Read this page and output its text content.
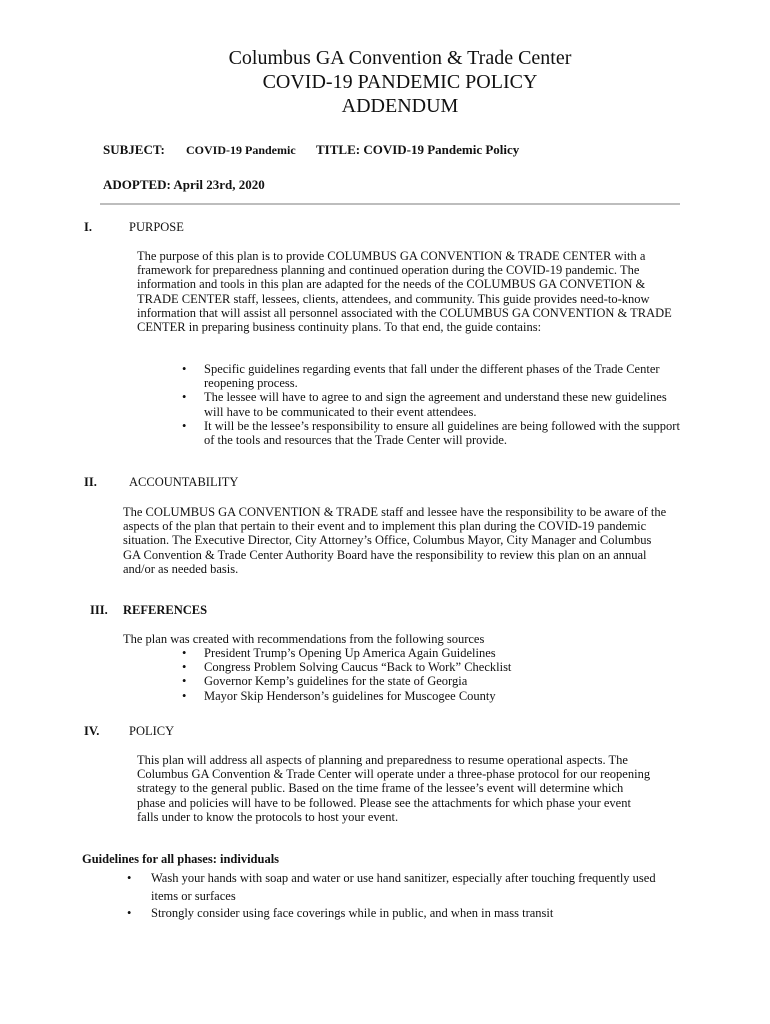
Columbus GA Convention & Trade Center
COVID-19 PANDEMIC POLICY
ADDENDUM
SUBJECT: COVID-19 Pandemic TITLE: COVID-19 Pandemic Policy
ADOPTED: April 23rd, 2020
I.	PURPOSE
The purpose of this plan is to provide COLUMBUS GA CONVENTION & TRADE CENTER with a
framework for preparedness planning and continued operation during the COVID-19 pandemic. The
information and tools in this plan are adapted for the needs of the COLUMBUS GA CONVETION &
TRADE CENTER staff, lessees, clients, attendees, and community. This guide provides need-to-know
information that will assist all personnel associated with the COLUMBUS GA CONVENTION & TRADE
CENTER in preparing business continuity plans. To that end, the guide contains:
• Specific guidelines regarding events that fall under the different phases of the Trade Center
reopening process.
• The lessee will have to agree to and sign the agreement and understand these new guidelines
will have to be communicated to their event attendees.
• It will be the lessee’s responsibility to ensure all guidelines are being followed with the support
of the tools and resources that the Trade Center will provide.
II.	ACCOUNTABILITY
The COLUMBUS GA CONVENTION & TRADE staff and lessee have the responsibility to be aware of the
aspects of the plan that pertain to their event and to implement this plan during the COVID-19 pandemic
situation. The Executive Director, City Attorney’s Office, Columbus Mayor, City Manager and Columbus
GA Convention & Trade Center Authority Board have the responsibility to review this plan on an annual
and/or as needed basis.
III. REFERENCES
The plan was created with recommendations from the following sources
• President Trump’s Opening Up America Again Guidelines
• Congress Problem Solving Caucus “Back to Work” Checklist
• Governor Kemp’s guidelines for the state of Georgia
• Mayor Skip Henderson’s guidelines for Muscogee County
IV. POLICY
This plan will address all aspects of planning and preparedness to resume operational aspects. The
Columbus GA Convention & Trade Center will operate under a three-phase protocol for our reopening
strategy to the general public. Based on the time frame of the lessee’s event will determine which
phase and policies will have to be followed. Please see the attachments for which phase your event
falls under to know the protocols to host your event.
Guidelines for all phases: individuals
• Wash your hands with soap and water or use hand sanitizer, especially after touching frequently used
items or surfaces
• Strongly consider using face coverings while in public, and when in mass transit
